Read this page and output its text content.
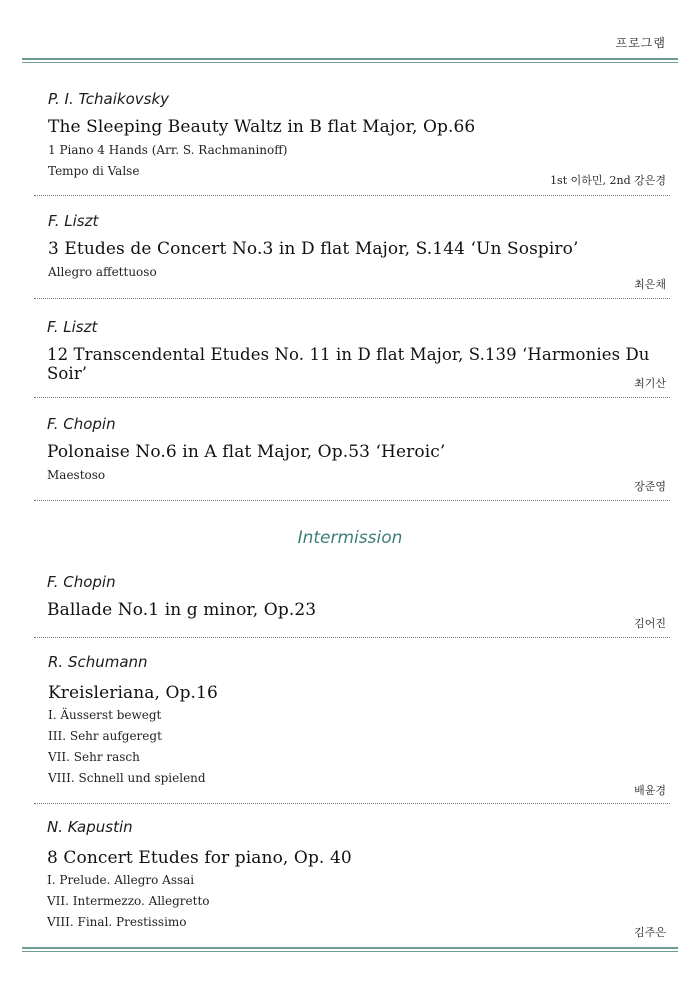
프로그램

P. I. Tchaikovsky

The Sleeping Beauty Waltz in B flat Major, Op.66

1 Piano 4 Hands (Arr. S. Rachmaninoff)

Tempo di Valse

1st 이하민, 2nd 강은경

F. Liszt

3 Etudes de Concert No.3 in D flat Major, S.144 ‘Un Sospiro’

Allegro affettuoso

최은채

F. Liszt

12 Transcendental Etudes No. 11 in D flat Major, S.139 ‘Harmonies Du Soir’

최기산

F. Chopin

Polonaise No.6 in A flat Major, Op.53 ‘Heroic’

Maestoso

장준영
Intermission

F. Chopin

Ballade No.1 in g minor, Op.23

김어진

R. Schumann

Kreisleriana, Op.16

I. Äusserst bewegt

III. Sehr aufgeregt

VII. Sehr rasch

VIII. Schnell und spielend

배윤경

N. Kapustin

8 Concert Etudes for piano, Op. 40

I. Prelude. Allegro Assai

VII. Intermezzo. Allegretto

VIII. Final. Prestissimo

김주은
